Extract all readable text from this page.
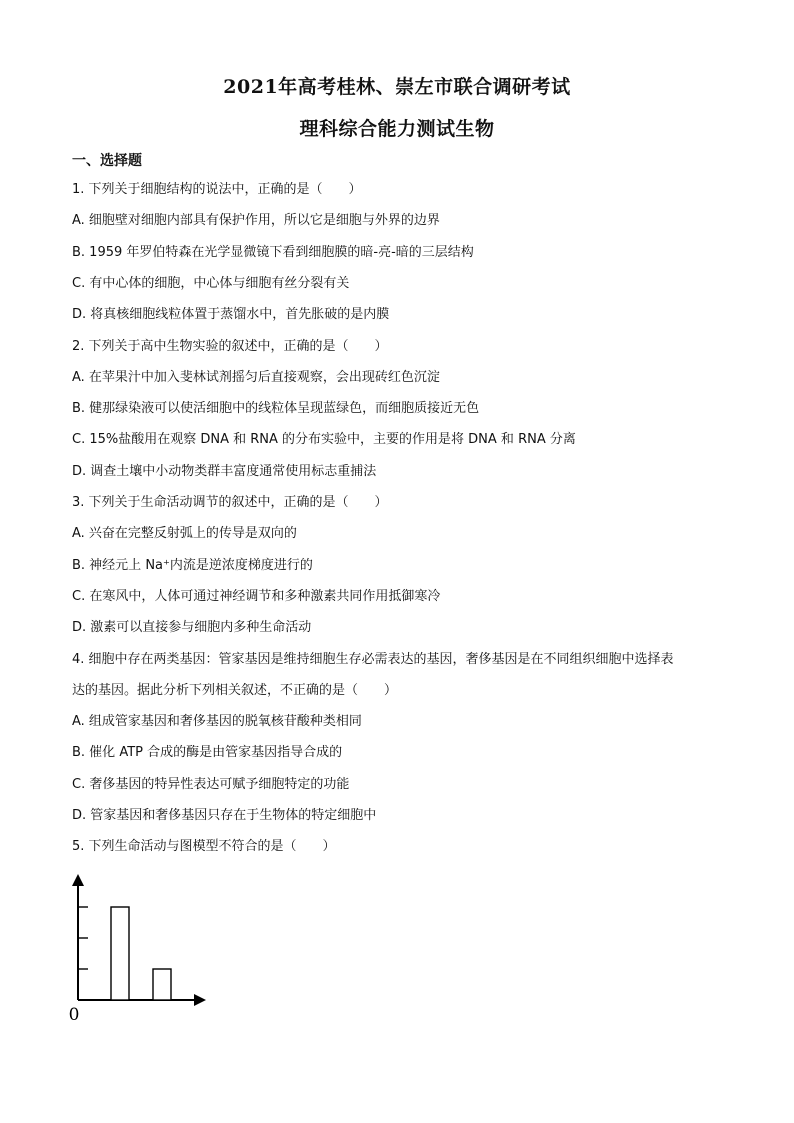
2021年高考桂林、崇左市联合调研考试
理科综合能力测试生物
一、选择题
1. 下列关于细胞结构的说法中，正确的是（　　）
A. 细胞壁对细胞内部具有保护作用，所以它是细胞与外界的边界
B. 1959 年罗伯特森在光学显微镜下看到细胞膜的暗-亮-暗的三层结构
C. 有中心体的细胞，中心体与细胞有丝分裂有关
D. 将真核细胞线粒体置于蒸馏水中，首先胀破的是内膜
2. 下列关于高中生物实验的叙述中，正确的是（　　）
A. 在苹果汁中加入斐林试剂摇匀后直接观察，会出现砖红色沉淀
B. 健那绿染液可以使活细胞中的线粒体呈现蓝绿色，而细胞质接近无色
C. 15%盐酸用在观察 DNA 和 RNA 的分布实验中，主要的作用是将 DNA 和 RNA 分离
D. 调查土壤中小动物类群丰富度通常使用标志重捕法
3. 下列关于生命活动调节的叙述中，正确的是（　　）
A. 兴奋在完整反射弧上的传导是双向的
B. 神经元上 Na⁺内流是逆浓度梯度进行的
C. 在寒风中，人体可通过神经调节和多种激素共同作用抵御寒冷
D. 激素可以直接参与细胞内多种生命活动
4. 细胞中存在两类基因：管家基因是维持细胞生存必需表达的基因，奢侈基因是在不同组织细胞中选择表
达的基因。据此分析下列相关叙述，不正确的是（　　）
A. 组成管家基因和奢侈基因的脱氧核苷酸种类相同
B. 催化 ATP 合成的酶是由管家基因指导合成的
C. 奢侈基因的特异性表达可赋予细胞特定的功能
D. 管家基因和奢侈基因只存在于生物体的特定细胞中
5. 下列生命活动与图模型不符合的是（　　）
0
